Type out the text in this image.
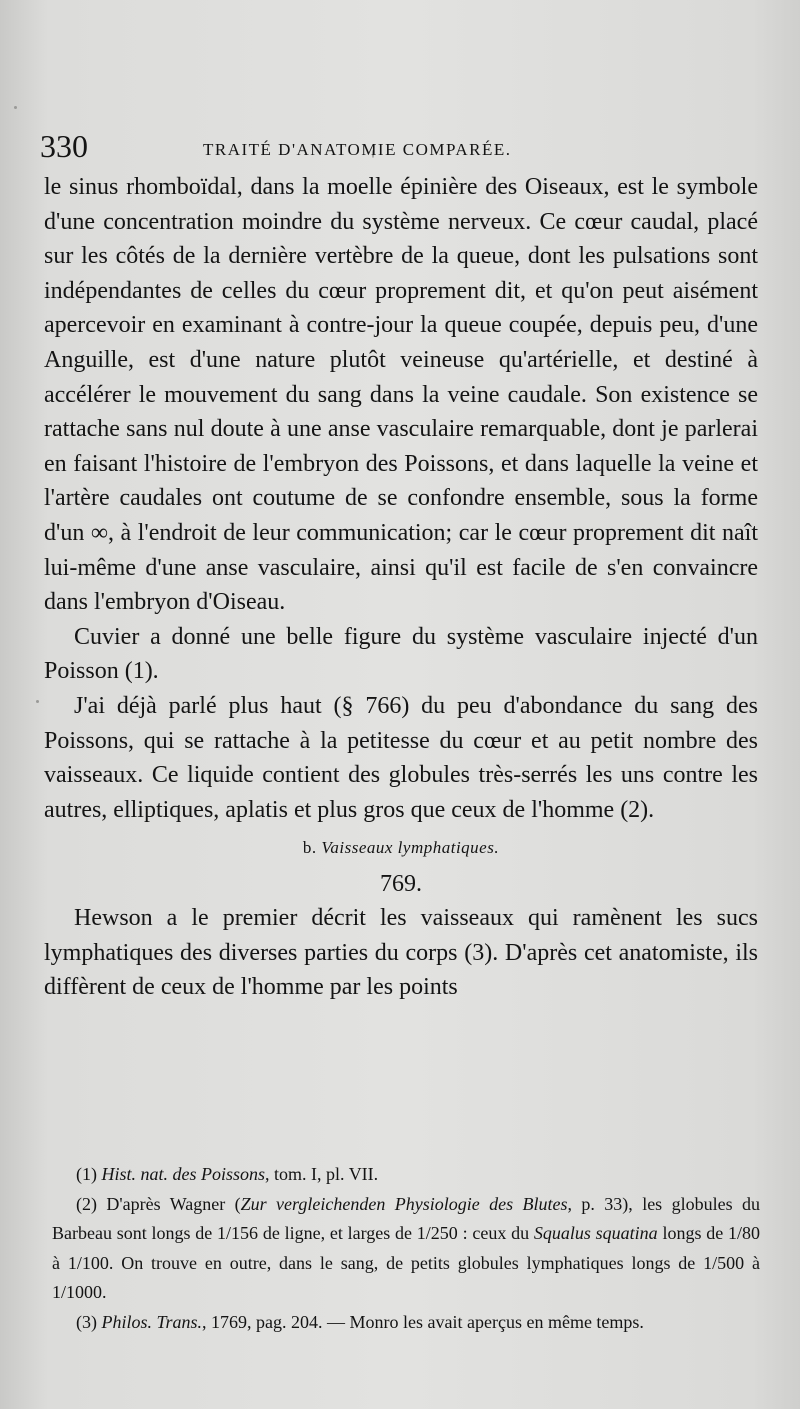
330	TRAITÉ D'ANATOMIE COMPARÉE.

le sinus rhomboïdal, dans la moelle épinière des Oiseaux, est le symbole d'une concentration moindre du système nerveux. Ce cœur caudal, placé sur les côtés de la dernière vertèbre de la queue, dont les pulsations sont indépendantes de celles du cœur proprement dit, et qu'on peut aisément apercevoir en examinant à contre-jour la queue coupée, depuis peu, d'une Anguille, est d'une nature plutôt veineuse qu'artérielle, et destiné à accélérer le mouvement du sang dans la veine caudale. Son existence se rattache sans nul doute à une anse vasculaire remarquable, dont je parlerai en faisant l'histoire de l'embryon des Poissons, et dans laquelle la veine et l'artère caudales ont coutume de se confondre ensemble, sous la forme d'un ∞, à l'endroit de leur communication; car le cœur proprement dit naît lui-même d'une anse vasculaire, ainsi qu'il est facile de s'en convaincre dans l'embryon d'Oiseau.

Cuvier a donné une belle figure du système vasculaire injecté d'un Poisson (1).

J'ai déjà parlé plus haut (§ 766) du peu d'abondance du sang des Poissons, qui se rattache à la petitesse du cœur et au petit nombre des vaisseaux. Ce liquide contient des globules très-serrés les uns contre les autres, elliptiques, aplatis et plus gros que ceux de l'homme (2).

b. Vaisseaux lymphatiques.
769.

Hewson a le premier décrit les vaisseaux qui ramènent les sucs lymphatiques des diverses parties du corps (3). D'après cet anatomiste, ils diffèrent de ceux de l'homme par les points

(1) Hist. nat. des Poissons, tom. I, pl. VII.

(2) D'après Wagner (Zur vergleichenden Physiologie des Blutes, p. 33), les globules du Barbeau sont longs de 1/156 de ligne, et larges de 1/250 : ceux du Squalus squatina longs de 1/80 à 1/100. On trouve en outre, dans le sang, de petits globules lymphatiques longs de 1/500 à 1/1000.

(3) Philos. Trans., 1769, pag. 204. — Monro les avait aperçus en même temps.
